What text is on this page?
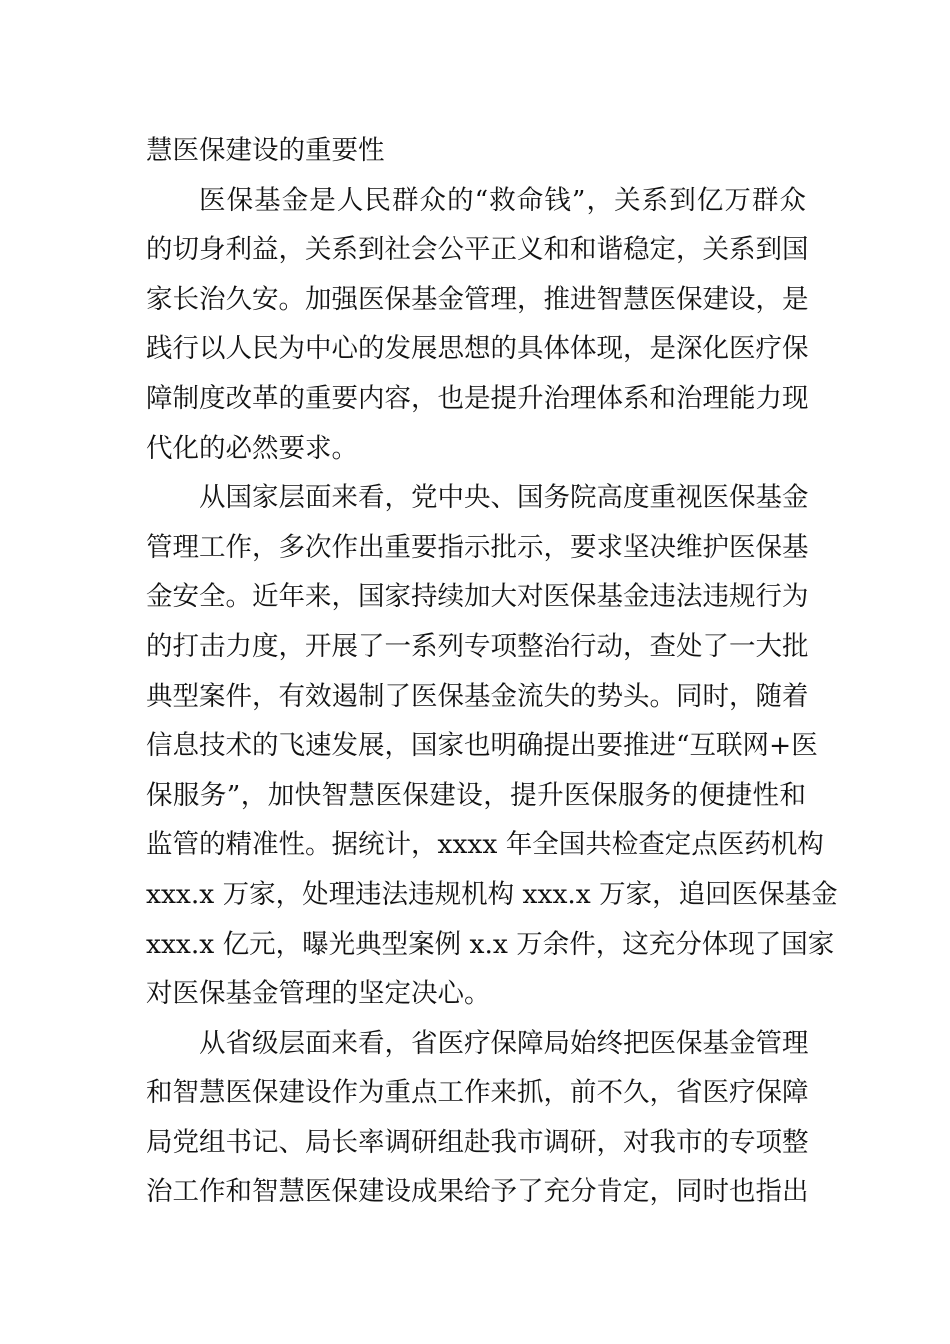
慧医保建设的重要性
医保基金是人民群众的“救命钱”，关系到亿万群众
的切身利益，关系到社会公平正义和和谐稳定，关系到国
家长治久安。加强医保基金管理，推进智慧医保建设，是
践行以人民为中心的发展思想的具体体现，是深化医疗保
障制度改革的重要内容，也是提升治理体系和治理能力现
代化的必然要求。
从国家层面来看，党中央、国务院高度重视医保基金
管理工作，多次作出重要指示批示，要求坚决维护医保基
金安全。近年来，国家持续加大对医保基金违法违规行为
的打击力度，开展了一系列专项整治行动，查处了一大批
典型案件，有效遏制了医保基金流失的势头。同时，随着
信息技术的飞速发展，国家也明确提出要推进“互联网+医
保服务”，加快智慧医保建设，提升医保服务的便捷性和
监管的精准性。据统计，xxxx 年全国共检查定点医药机构
xxx.x 万家，处理违法违规机构 xxx.x 万家，追回医保基金
xxx.x 亿元，曝光典型案例 x.x 万余件，这充分体现了国家
对医保基金管理的坚定决心。
从省级层面来看，省医疗保障局始终把医保基金管理
和智慧医保建设作为重点工作来抓，前不久，省医疗保障
局党组书记、局长率调研组赴我市调研，对我市的专项整
治工作和智慧医保建设成果给予了充分肯定，同时也指出
